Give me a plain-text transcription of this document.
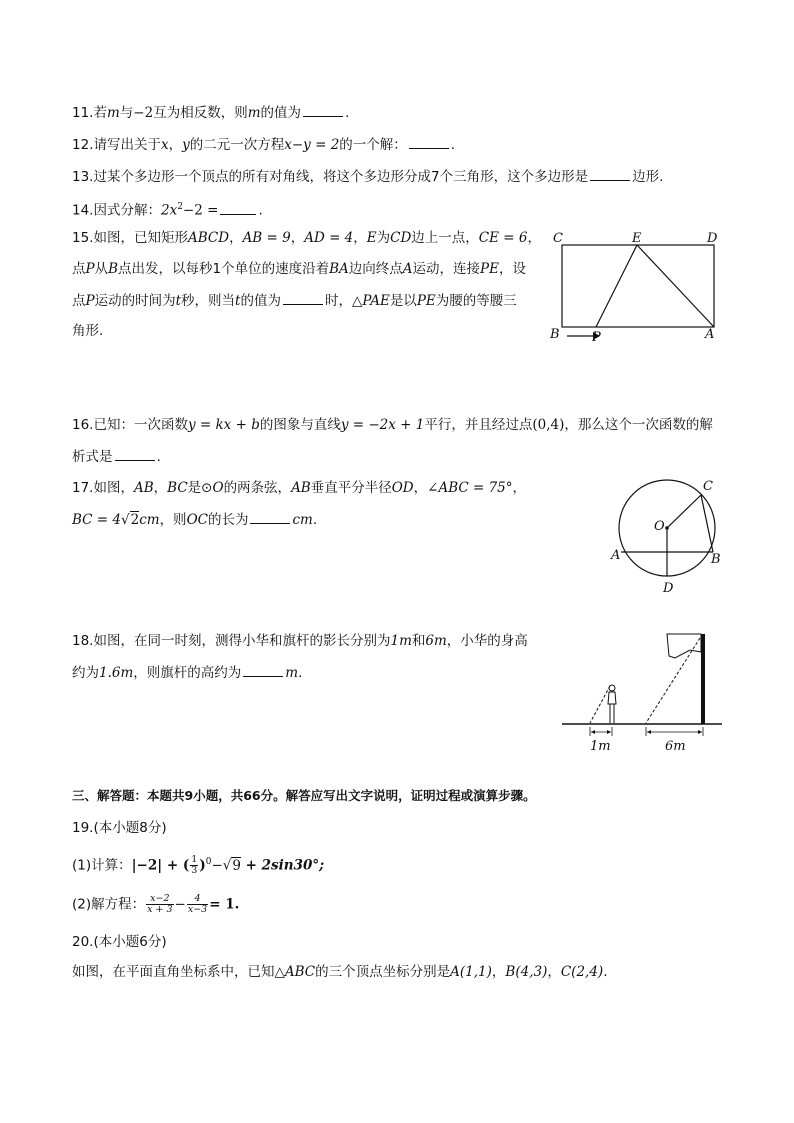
11.若m与−2互为相反数，则m的值为	.
12.请写出关于x，y的二元一次方程x−y = 2的一个解：	.
13.过某个多边形一个顶点的所有对角线，将这个多边形分成7个三角形，这个多边形是	边形.
14.因式分解：$2x^2-2$ =	.
15.如图，已知矩形ABCD，AB = 9，AD = 4，E为CD边上一点，CE = 6，
点P从B点出发，以每秒1个单位的速度沿着BA边向终点A运动，连接PE，设
点P运动的时间为t秒，则当t的值为	时，△PAE是以PE为腰的等腰三
角形.
C	E	D
B P	A
16.已知：一次函数y = kx + b的图象与直线y = −2x + 1平行，并且经过点(0,4)，那么这个一次函数的解
析式是	.
17.如图，AB，BC是⊙O的两条弦，AB垂直平分半径OD，∠ABC = 75°，
BC = 4√2cm，则OC的长为	cm.
C
O
A	B
D
18.如图，在同一时刻，测得小华和旗杆的影长分别为1m和6m，小华的身高
约为1.6m，则旗杆的高约为	m.
1m	6m
三、解答题：本题共9小题，共66分。解答应写出文字说明，证明过程或演算步骤。
19.(本小题8分)
(1)计算：|−2| + ( $\frac{1}{3} )^0-√9 + 2\sin 30^\circ$;
(2)解方程： $\frac{x-2}{x + 3} - \frac{4}{x-3} = 1$.
20.(本小题6分)
如图，在平面直角坐标系中，已知△ABC的三个顶点坐标分别是A(1,1)，B(4,3)，C(2,4).
